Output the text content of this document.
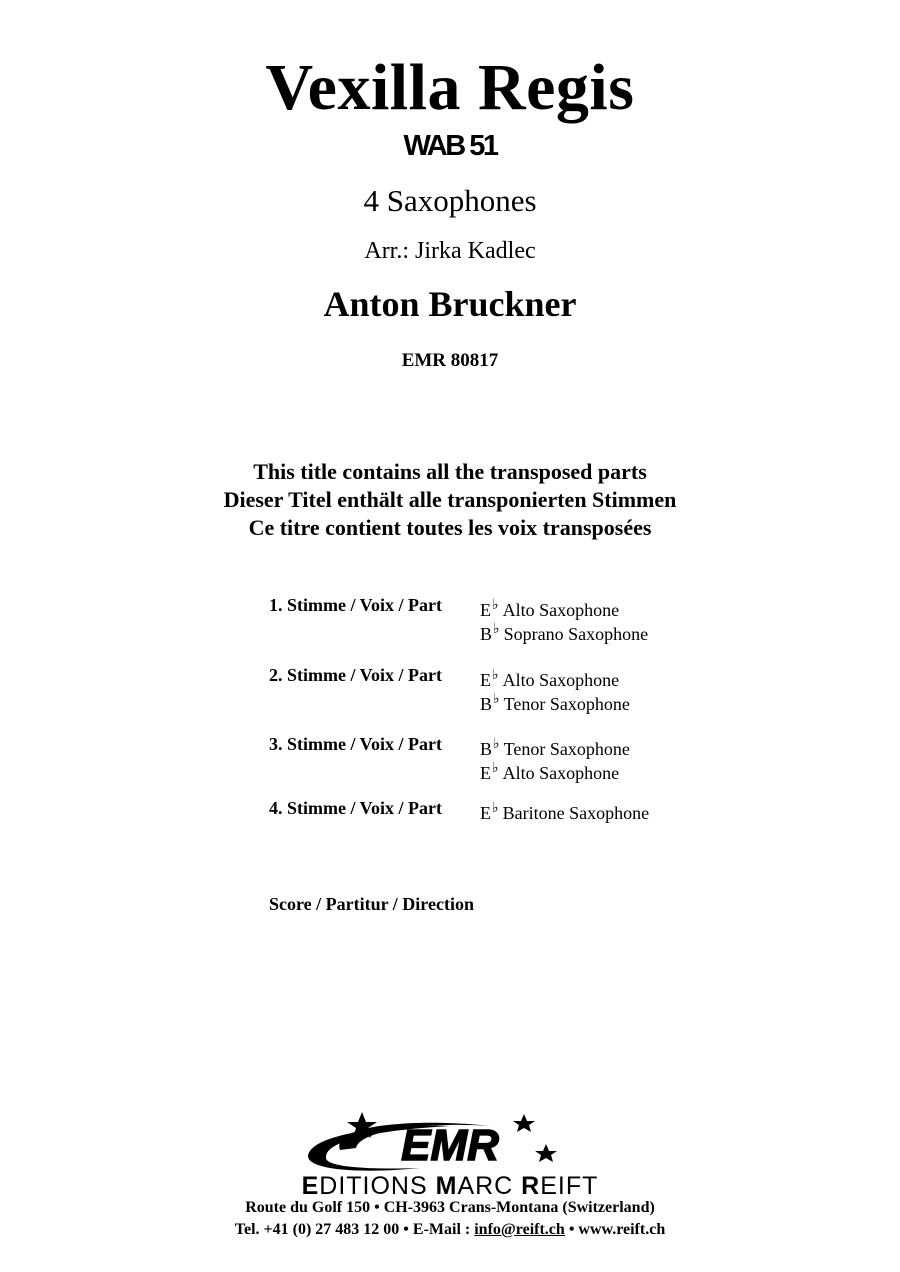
Vexilla Regis
WAB 51
4 Saxophones
Arr.: Jirka Kadlec
Anton Bruckner
EMR 80817
This title contains all the transposed parts
Dieser Titel enthält alle transponierten Stimmen
Ce titre contient toutes les voix transposées
1. Stimme / Voix / Part	E♭ Alto Saxophone
B♭ Soprano Saxophone
2. Stimme / Voix / Part	E♭ Alto Saxophone
B♭ Tenor Saxophone
3. Stimme / Voix / Part	B♭ Tenor Saxophone
E♭ Alto Saxophone
4. Stimme / Voix / Part	E♭ Baritone Saxophone
Score / Partitur / Direction
EMR
EDITIONS MARC REIFT
Route du Golf 150 • CH-3963 Crans-Montana (Switzerland)
Tel. +41 (0) 27 483 12 00 • E-Mail : info@reift.ch • www.reift.ch
